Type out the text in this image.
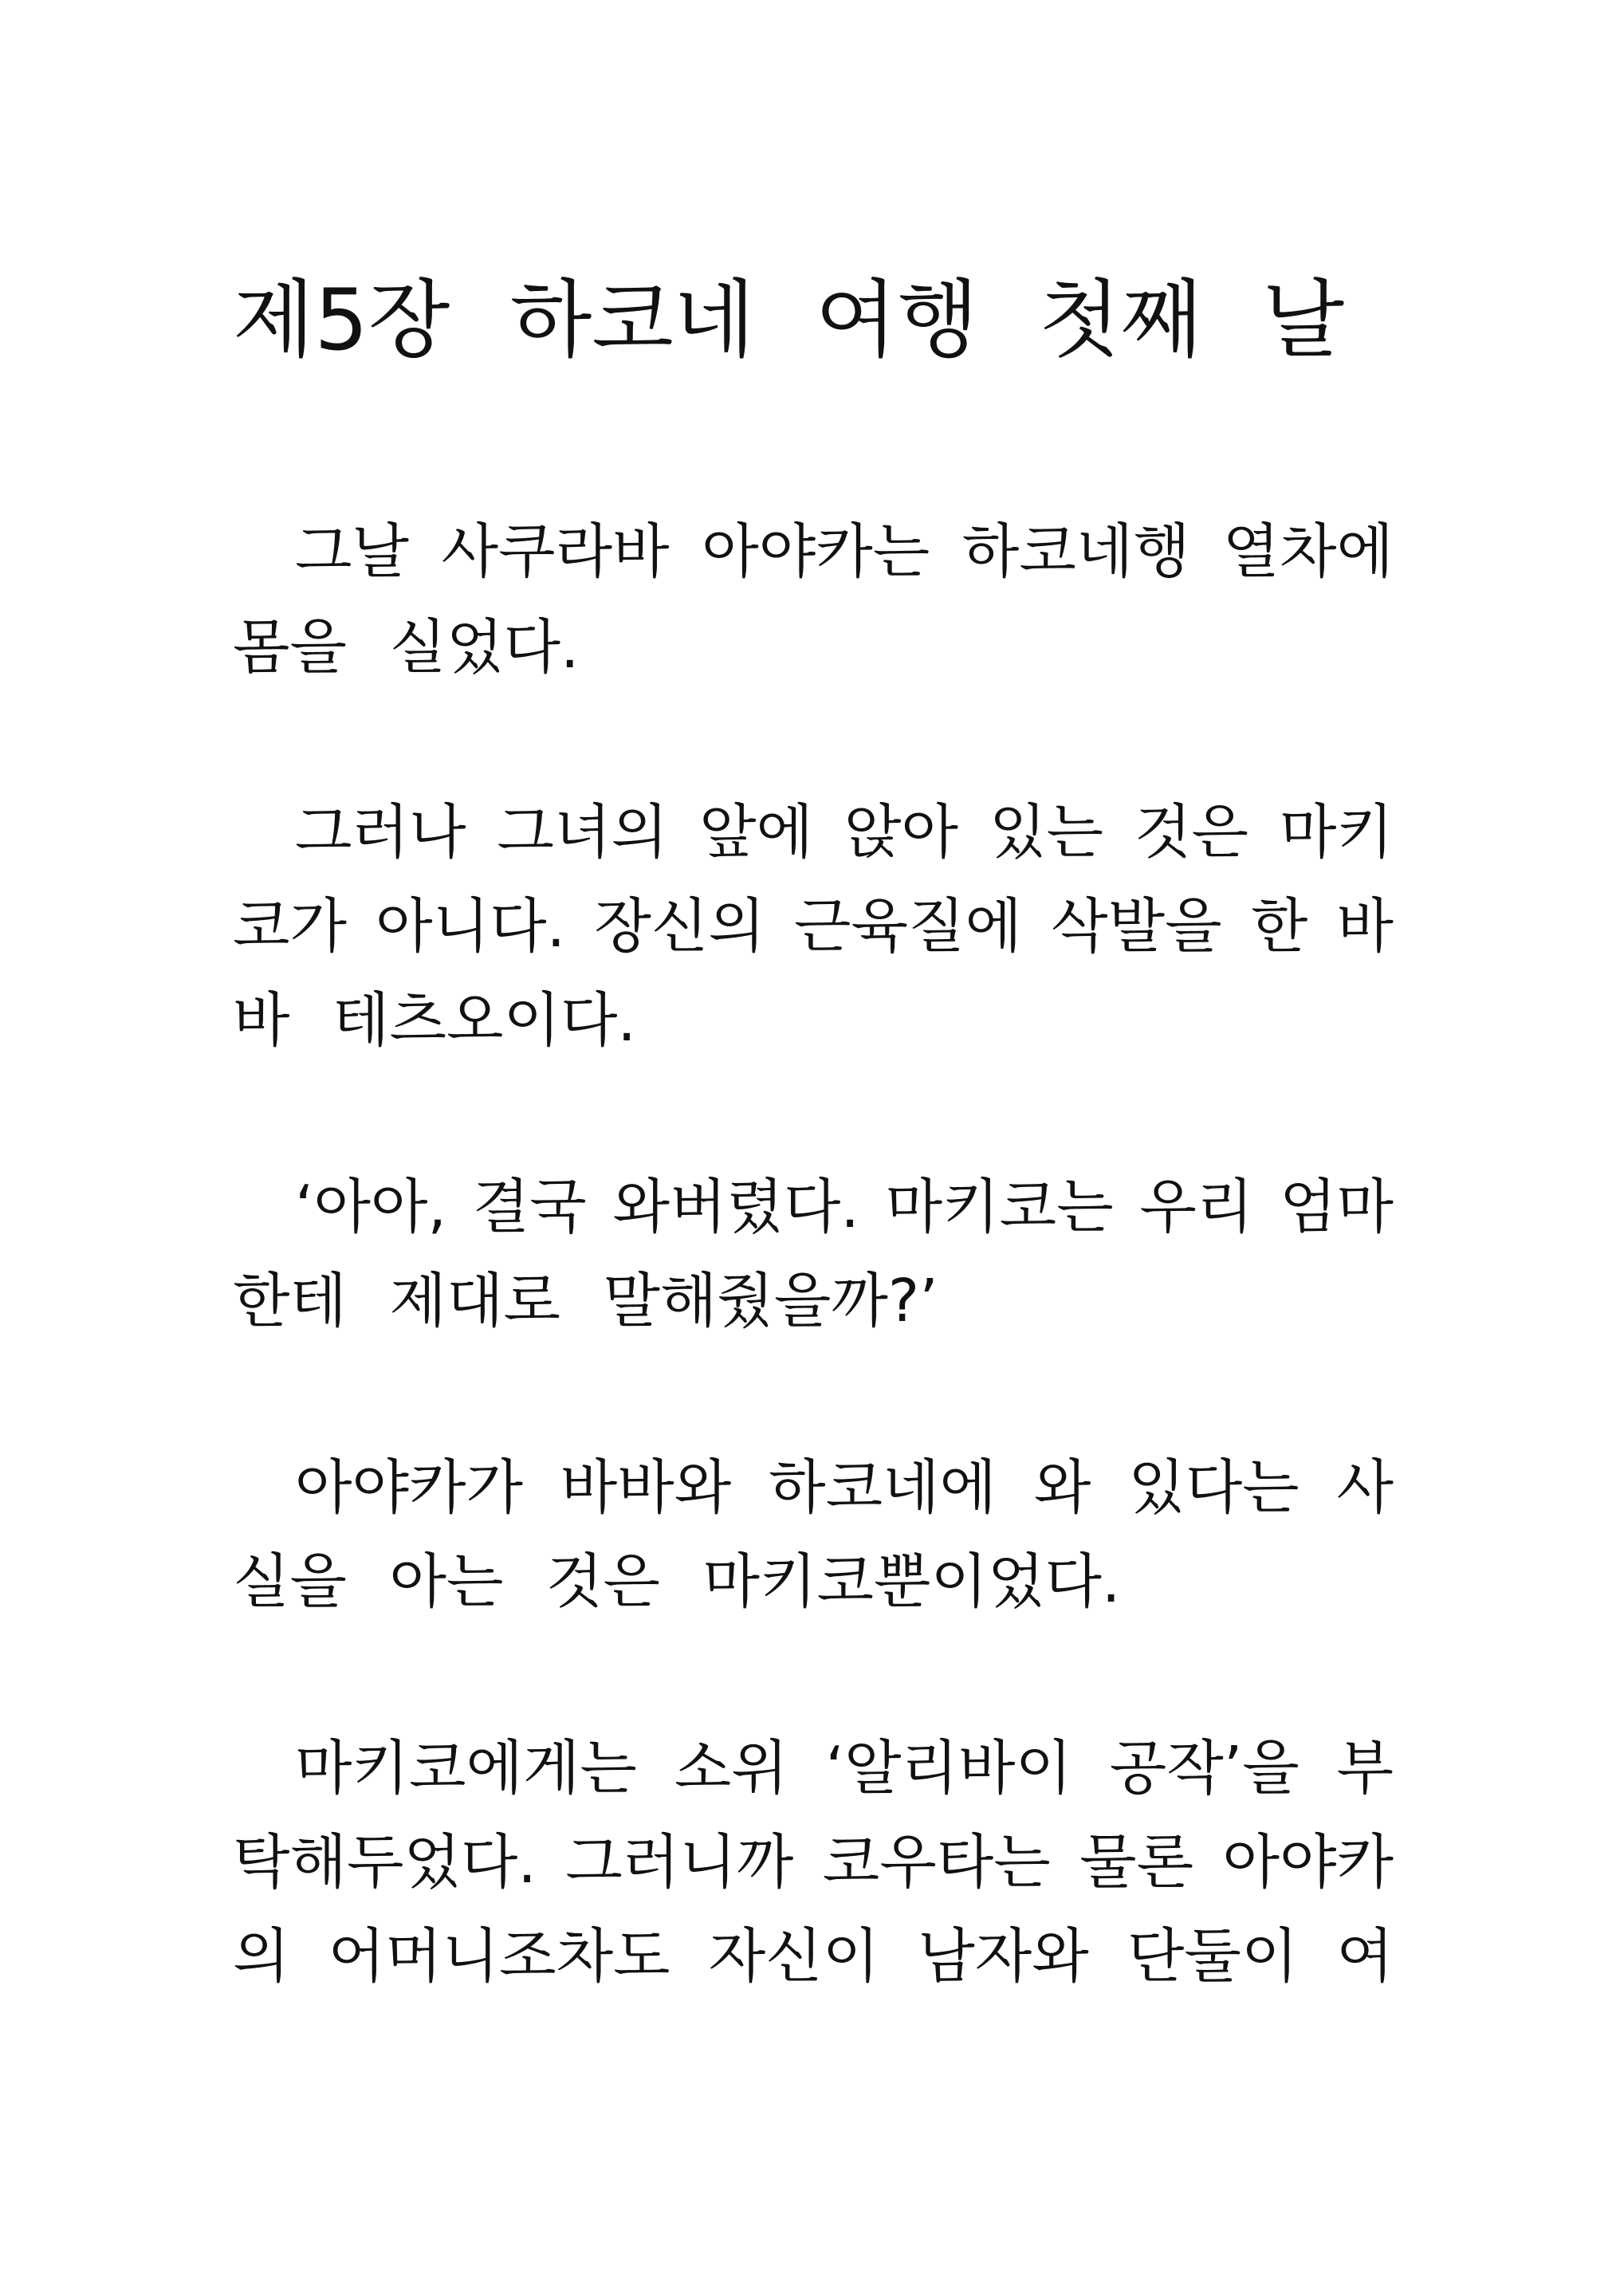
제5장 하코네 여행 첫째 날

그날 사쿠라바 아야카는 하코네행 열차에

몸을 실었다.

그러나 그녀의 앞에 앉아 있는 것은 마키

코가 아니다. 장신의 근육질에 삭발을 한 바

바 테츠오이다.

‘아아, 결국 와버렸다. 마키코는 우리 엄마

한테 제대로 말해줬을까?’

아야카가 바바와 하코네에 와 있다는 사

실을 아는 것은 마키코뿐이었다.

마키코에게는 소위 ‘알리바이 공작’을 부

탁해두었다. 그러니까 코우타는 물론 아야카

의 어머니조차도 자신이 남자와 단둘이 여
